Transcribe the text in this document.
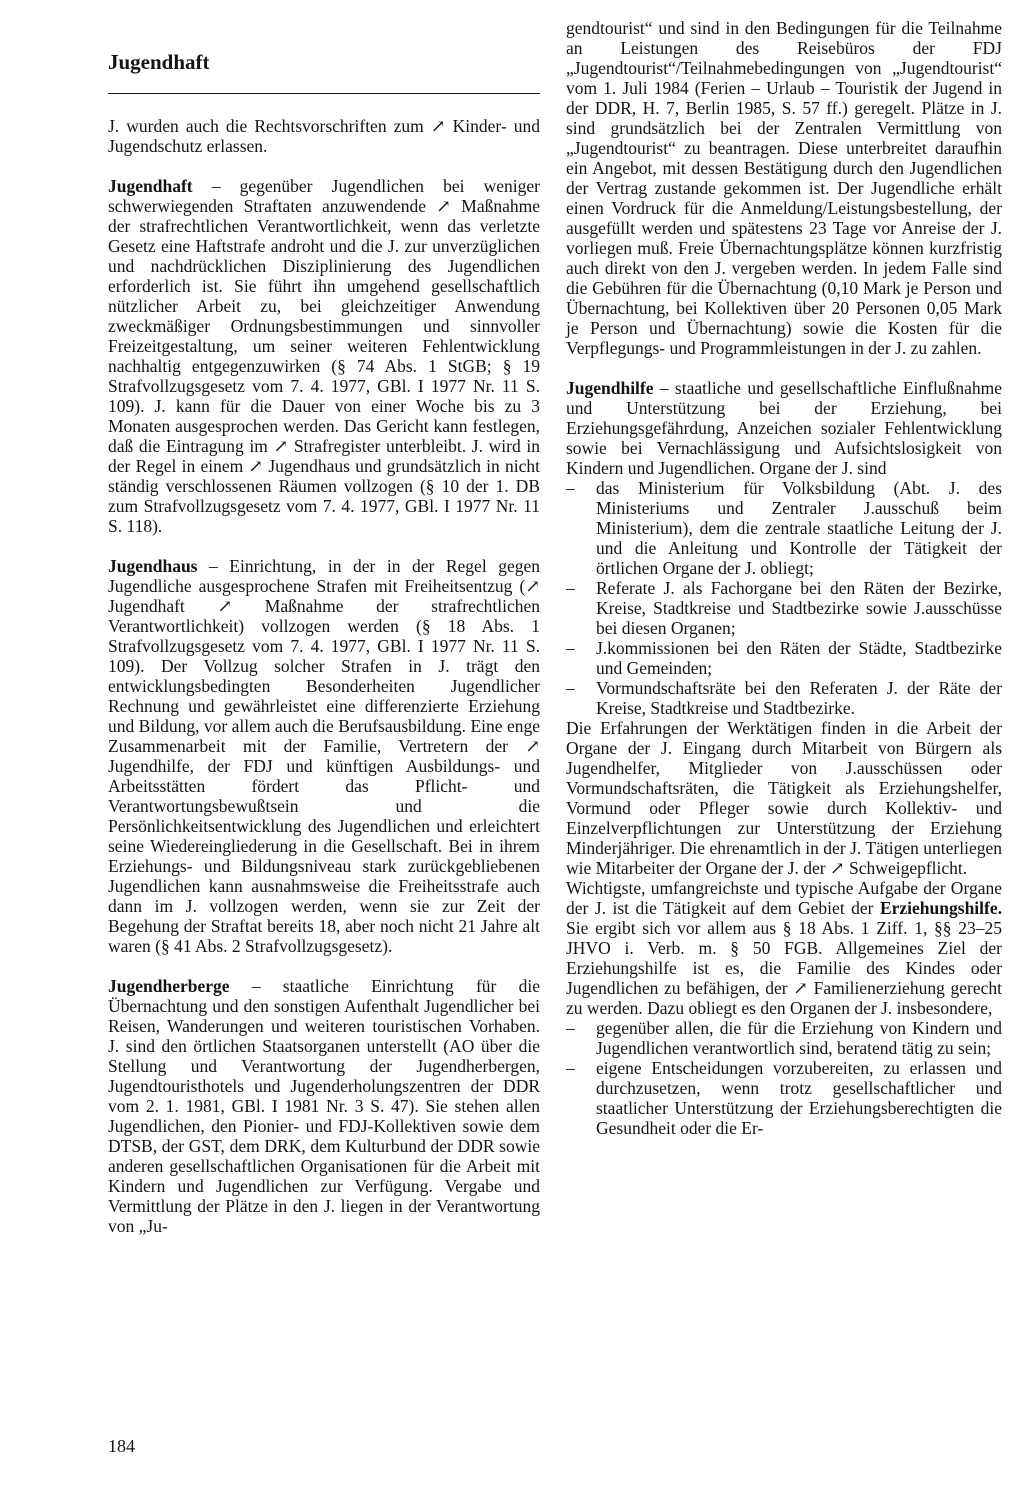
Jugendhaft

J. wurden auch die Rechtsvorschriften zum ↗ Kinder- und Jugendschutz erlassen.

Jugendhaft – gegenüber Jugendlichen bei weniger schwerwiegenden Straftaten anzuwendende ↗ Maßnahme der strafrechtlichen Verantwortlichkeit, wenn das verletzte Gesetz eine Haftstrafe androht und die J. zur unverzüglichen und nachdrücklichen Disziplinierung des Jugendlichen erforderlich ist. Sie führt ihn umgehend gesellschaftlich nützlicher Arbeit zu, bei gleichzeitiger Anwendung zweckmäßiger Ordnungsbestimmungen und sinnvoller Freizeitgestaltung, um seiner weiteren Fehlentwicklung nachhaltig entgegenzuwirken (§ 74 Abs. 1 StGB; § 19 Strafvollzugsgesetz vom 7. 4. 1977, GBl. I 1977 Nr. 11 S. 109). J. kann für die Dauer von einer Woche bis zu 3 Monaten ausgesprochen werden. Das Gericht kann festlegen, daß die Eintragung im ↗ Strafregister unterbleibt. J. wird in der Regel in einem ↗ Jugendhaus und grundsätzlich in nicht ständig verschlossenen Räumen vollzogen (§ 10 der 1. DB zum Strafvollzugsgesetz vom 7. 4. 1977, GBl. I 1977 Nr. 11 S. 118).

Jugendhaus – Einrichtung, in der in der Regel gegen Jugendliche ausgesprochene Strafen mit Freiheitsentzug (↗ Jugendhaft ↗ Maßnahme der strafrechtlichen Verantwortlichkeit) vollzogen werden (§ 18 Abs. 1 Strafvollzugsgesetz vom 7. 4. 1977, GBl. I 1977 Nr. 11 S. 109). Der Vollzug solcher Strafen in J. trägt den entwicklungsbedingten Besonderheiten Jugendlicher Rechnung und gewährleistet eine differenzierte Erziehung und Bildung, vor allem auch die Berufsausbildung. Eine enge Zusammenarbeit mit der Familie, Vertretern der ↗ Jugendhilfe, der FDJ und künftigen Ausbildungs- und Arbeitsstätten fördert das Pflicht- und Verantwortungsbewußtsein und die Persönlichkeitsentwicklung des Jugendlichen und erleichtert seine Wiedereingliederung in die Gesellschaft. Bei in ihrem Erziehungs- und Bildungsniveau stark zurückgebliebenen Jugendlichen kann ausnahmsweise die Freiheitsstrafe auch dann im J. vollzogen werden, wenn sie zur Zeit der Begehung der Straftat bereits 18, aber noch nicht 21 Jahre alt waren (§ 41 Abs. 2 Strafvollzugsgesetz).

Jugendherberge – staatliche Einrichtung für die Übernachtung und den sonstigen Aufenthalt Jugendlicher bei Reisen, Wanderungen und weiteren touristischen Vorhaben. J. sind den örtlichen Staatsorganen unterstellt (AO über die Stellung und Verantwortung der Jugendherbergen, Jugendtouristhotels und Jugenderholungszentren der DDR vom 2. 1. 1981, GBl. I 1981 Nr. 3 S. 47). Sie stehen allen Jugendlichen, den Pionier- und FDJ-Kollektiven sowie dem DTSB, der GST, dem DRK, dem Kulturbund der DDR sowie anderen gesellschaftlichen Organisationen für die Arbeit mit Kindern und Jugendlichen zur Verfügung. Vergabe und Vermittlung der Plätze in den J. liegen in der Verantwortung von „Ju-

gendtourist“ und sind in den Bedingungen für die Teilnahme an Leistungen des Reisebüros der FDJ „Jugendtourist“/Teilnahmebedingungen von „Jugendtourist“ vom 1. Juli 1984 (Ferien – Urlaub – Touristik der Jugend in der DDR, H. 7, Berlin 1985, S. 57 ff.) geregelt. Plätze in J. sind grundsätzlich bei der Zentralen Vermittlung von „Jugendtourist“ zu beantragen. Diese unterbreitet daraufhin ein Angebot, mit dessen Bestätigung durch den Jugendlichen der Vertrag zustande gekommen ist. Der Jugendliche erhält einen Vordruck für die Anmeldung/Leistungsbestellung, der ausgefüllt werden und spätestens 23 Tage vor Anreise der J. vorliegen muß. Freie Übernachtungsplätze können kurzfristig auch direkt von den J. vergeben werden. In jedem Falle sind die Gebühren für die Übernachtung (0,10 Mark je Person und Übernachtung, bei Kollektiven über 20 Personen 0,05 Mark je Person und Übernachtung) sowie die Kosten für die Verpflegungs- und Programmleistungen in der J. zu zahlen.

Jugendhilfe – staatliche und gesellschaftliche Einflußnahme und Unterstützung bei der Erziehung, bei Erziehungsgefährdung, Anzeichen sozialer Fehlentwicklung sowie bei Vernachlässigung und Aufsichtslosigkeit von Kindern und Jugendlichen. Organe der J. sind

– das Ministerium für Volksbildung (Abt. J. des Ministeriums und Zentraler J.ausschuß beim Ministerium), dem die zentrale staatliche Leitung der J. und die Anleitung und Kontrolle der Tätigkeit der örtlichen Organe der J. obliegt;
– Referate J. als Fachorgane bei den Räten der Bezirke, Kreise, Stadtkreise und Stadtbezirke sowie J.ausschüsse bei diesen Organen;
– J.kommissionen bei den Räten der Städte, Stadtbezirke und Gemeinden;
– Vormundschaftsräte bei den Referaten J. der Räte der Kreise, Stadtkreise und Stadtbezirke.

Die Erfahrungen der Werktätigen finden in die Arbeit der Organe der J. Eingang durch Mitarbeit von Bürgern als Jugendhelfer, Mitglieder von J.ausschüssen oder Vormundschaftsräten, die Tätigkeit als Erziehungshelfer, Vormund oder Pfleger sowie durch Kollektiv- und Einzelverpflichtungen zur Unterstützung der Erziehung Minderjähriger. Die ehrenamtlich in der J. Tätigen unterliegen wie Mitarbeiter der Organe der J. der ↗ Schweigepflicht.

Wichtigste, umfangreichste und typische Aufgabe der Organe der J. ist die Tätigkeit auf dem Gebiet der Erziehungshilfe. Sie ergibt sich vor allem aus § 18 Abs. 1 Ziff. 1, §§ 23–25 JHVO i. Verb. m. § 50 FGB. Allgemeines Ziel der Erziehungshilfe ist es, die Familie des Kindes oder Jugendlichen zu befähigen, der ↗ Familienerziehung gerecht zu werden. Dazu obliegt es den Organen der J. insbesondere,

– gegenüber allen, die für die Erziehung von Kindern und Jugendlichen verantwortlich sind, beratend tätig zu sein;
– eigene Entscheidungen vorzubereiten, zu erlassen und durchzusetzen, wenn trotz gesellschaftlicher und staatlicher Unterstützung der Erziehungsberechtigten die Gesundheit oder die Er-
184
